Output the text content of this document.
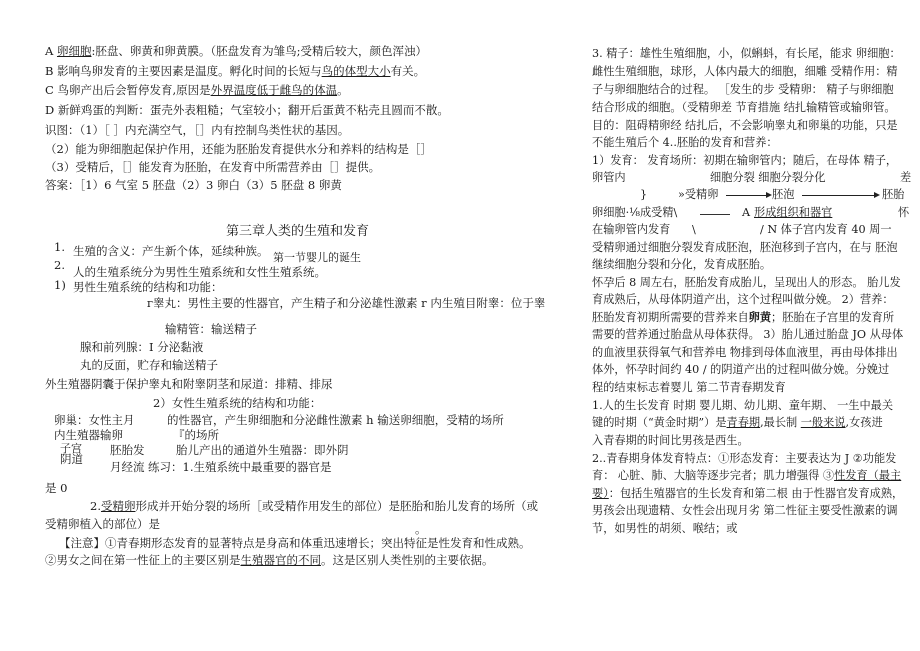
A 卵细胞:胚盘、卵黄和卵黄膜。（胚盘发育为雏鸟;受精后较大，颜色浑浊）
B 影响鸟卵发育的主要因素是温度。孵化时间的长短与鸟的体型大小有关。
C 鸟卵产出后会暂停发育,原因是外界温度低于雌鸟的体温。
D 新鲜鸡蛋的判断：蛋壳外表粗糙；气室较小；翻开后蛋黄不粘壳且圆而不散。
识图：（1）［ ］内充满空气，［］内有控制鸟类性状的基因。
（2）能为卵细胞起保护作用，还能为胚胎发育提供水分和养料的结构是［］
（3）受精后，［］能发育为胚胎，在发育中所需营养由［］提供。
答案：［1）6 气室 5 胚盘（2）3 卵白（3）5 胚盘 8 卵黄
第三章人类的生殖和发育
第一节婴儿的诞生
1. 生殖的含义：产生新个体，延续种族。
2. 人的生殖系统分为男性生殖系统和女性生殖系统。
1) 男性生殖系统的结构和功能：
г睾丸：男性主要的性器官，产生精子和分泌雄性激素 r 内生殖目附睾：位于睾
输精管：输送精子
腺和前列腺：I 分泌黏液
丸的反面，贮存和输送精子
外生殖器阴囊于保护睾丸和附睾阴茎和尿道：排精、排尿
2）女性生殖系统的结构和功能：
卵巢：女性主月	的性器官，产生卵细胞和分泌雌性激素 h 输送卵细胞，受精的场所
内生殖器输卵	『的场所
子宫 胚胎发	胎儿产出的通道外生殖器：即外阴
阴道
月经流 练习：1.生殖系统中最重要的器官是
是 0
2.受精卵形成并开始分裂的场所［或受精作用发生的部位）是胚胎和胎儿发育的场所（或
受精卵植入的部位）是	。
【注意】①青春期形态发育的显著特点是身高和体重迅速增长；突出特征是性发育和性成熟。
②男女之间在第一性征上的主要区别是生殖器官的不同。这是区别人类性别的主要依据。
3. 精子：雄性生殖细胞，小，似蝌蚪，有长尾，能求 卵细胞：
雌性生殖细胞，球形，人体内最大的细胞，细雕 受精作用：精
子与卵细胞结合的过程。 ［发生的步 受精卵： 精子与卵细胞
结合形成的细胞。（受精卵差 节育措施 结扎输精管或输卵管。
目的：阻碍精卵经 结扎后，不会影响睾丸和卵巢的功能，只是
不能生殖后个 4..胚胎的发育和营养：
1）发育： 发育场所：初期在输卵管内；随后，在母体 精子，
卵管内	细胞分裂 细胞分裂分化	差
}	»受精卵	胚泡	胚胎
卵细胞·⅛成受精\	A 形成组织和器官	怀
在输卵管内发育 \	/ N 体子宫内发育 40 周一
受精卵通过细胞分裂发育成胚泡，胚泡移到子宫内，在与 胚泡
继续细胞分裂和分化，发育成胚胎。
怀孕后 8 周左右，胚胎发育成胎儿，呈现出人的形态。 胎儿发
育成熟后，从母体阴道产出，这个过程叫做分娩。 2）营养：
胚胎发育初期所需要的营养来自卵黄；胚胎在子宫里的发育所
需要的营养通过胎盘从母体获得。 3）胎儿通过胎盘 JO 从母体
的血液里获得氧气和营养电 物排到母体血液里，再由母体排出
体外，怀孕时间约 40 / 的阴道产出的过程叫做分娩。分娩过
程的结束标志着婴儿 第二节青春期发育
1.人的生长发育 时期 婴儿期、幼儿期、童年期、 一生中最关
键的时期（“黄金时期”）是青春期,最长制 一般来说,女孩进
入青春期的时间比男孩是西生。
2..青春期身体发育特点：①形态发育：主要表达为 J ②功能发
育： 心脏、肺、大脑等逐步完者；肌力增强得 ③性发育（最主
要）：包括生殖器官的生长发育和第二根 由于性器官发育成熟，
男孩会出现遗精、女性会出现月劣 第二性征主要受性激素的调
节，如男性的胡须、喉结；或
